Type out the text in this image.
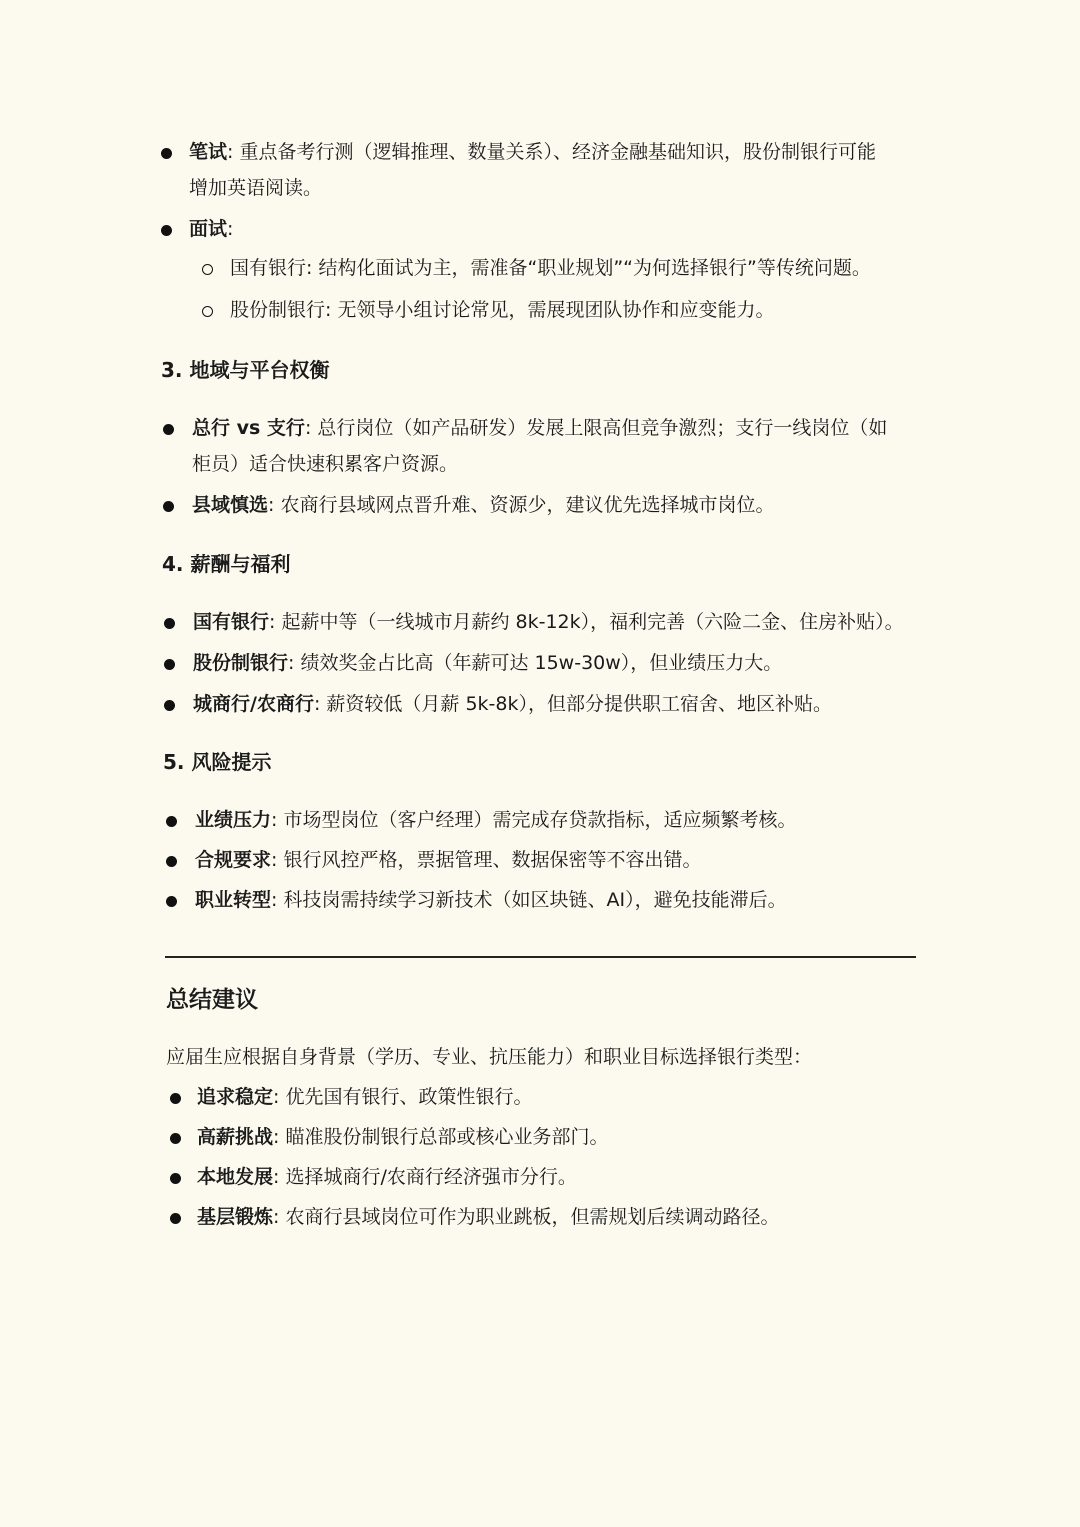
笔试: 重点备考行测（逻辑推理、数量关系）、经济金融基础知识，股份制银行可能
增加英语阅读。
面试:
国有银行: 结构化面试为主，需准备“职业规划”“为何选择银行”等传统问题。
股份制银行: 无领导小组讨论常见，需展现团队协作和应变能力。
3. 地域与平台权衡
总行 vs 支行: 总行岗位（如产品研发）发展上限高但竞争激烈；支行一线岗位（如
柜员）适合快速积累客户资源。
县域慎选: 农商行县域网点晋升难、资源少，建议优先选择城市岗位。
4. 薪酬与福利
国有银行: 起薪中等（一线城市月薪约 8k-12k），福利完善（六险二金、住房补贴）。
股份制银行: 绩效奖金占比高（年薪可达 15w-30w），但业绩压力大。
城商行/农商行: 薪资较低（月薪 5k-8k），但部分提供职工宿舍、地区补贴。
5. 风险提示
业绩压力: 市场型岗位（客户经理）需完成存贷款指标，适应频繁考核。
合规要求: 银行风控严格，票据管理、数据保密等不容出错。
职业转型: 科技岗需持续学习新技术（如区块链、AI），避免技能滞后。
总结建议
应届生应根据自身背景（学历、专业、抗压能力）和职业目标选择银行类型：
追求稳定: 优先国有银行、政策性银行。
高薪挑战: 瞄准股份制银行总部或核心业务部门。
本地发展: 选择城商行/农商行经济强市分行。
基层锻炼: 农商行县域岗位可作为职业跳板，但需规划后续调动路径。
